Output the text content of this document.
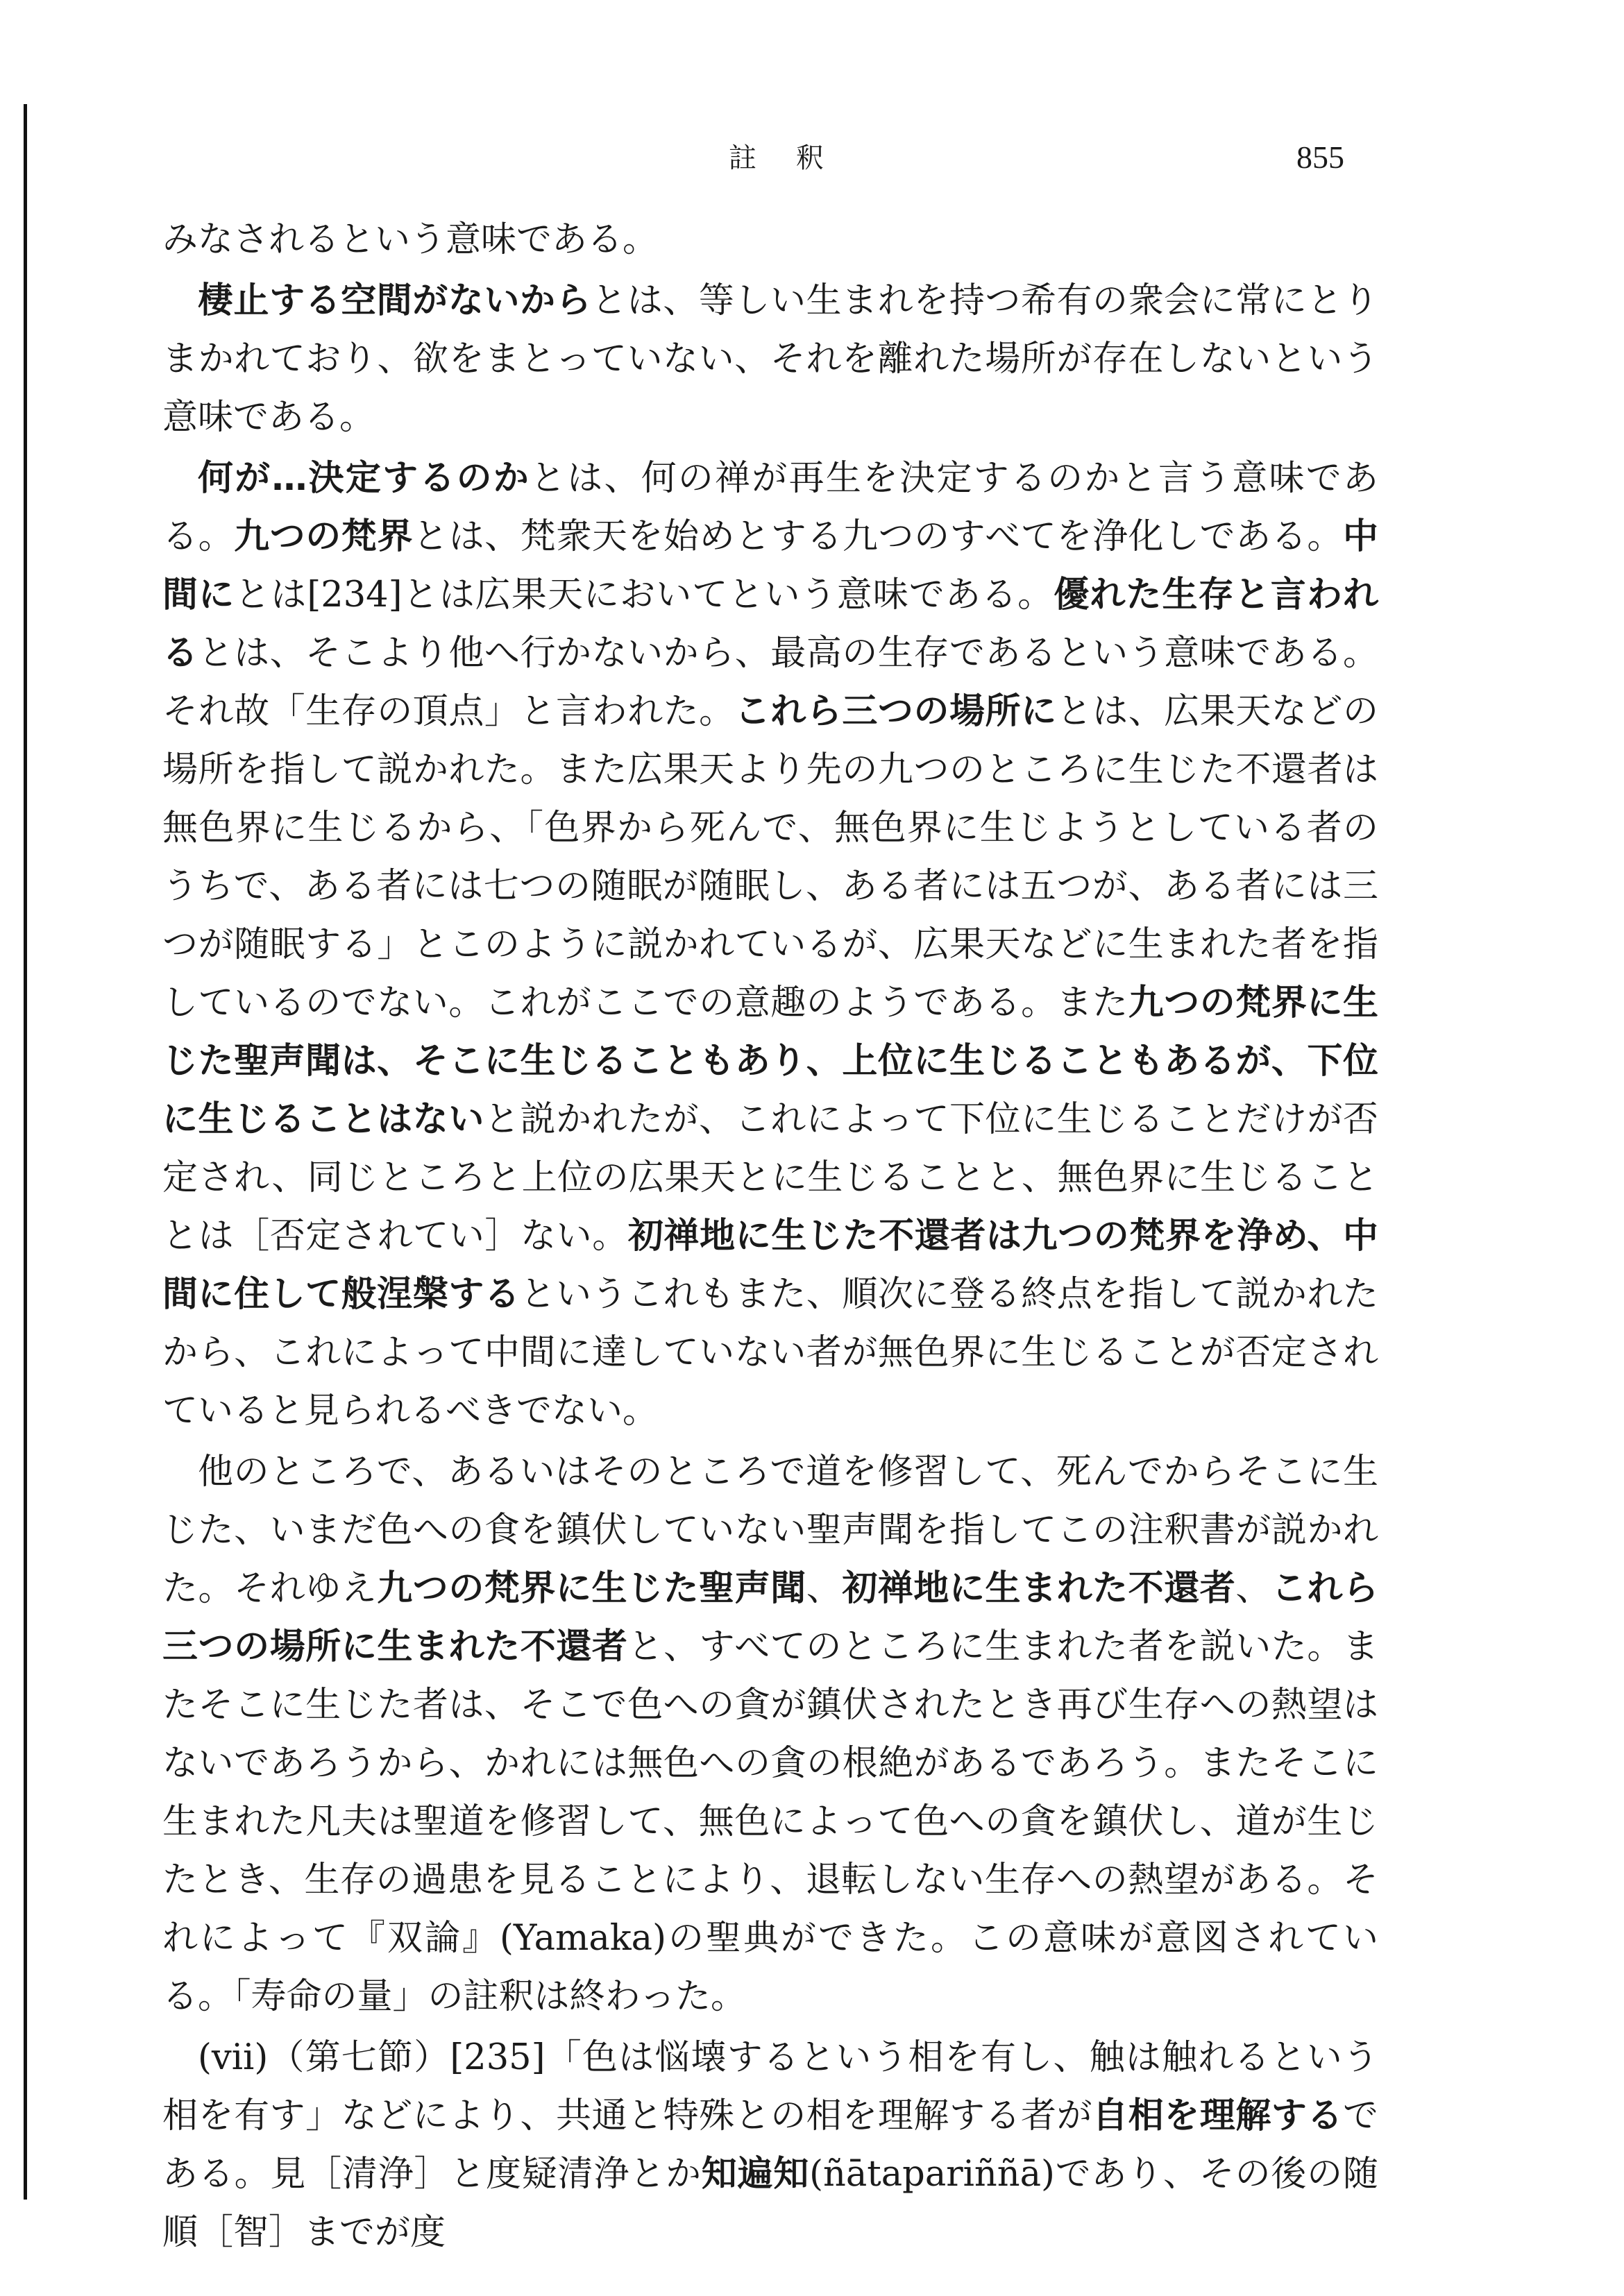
註 釈	855

みなされるという意味である。

棲止する空間がないからとは、等しい生まれを持つ希有の衆会に常にとりまかれており、欲をまとっていない、それを離れた場所が存在しないという意味である。

何が…決定するのかとは、何の禅が再生を決定するのかと言う意味である。九つの梵界とは、梵衆天を始めとする九つのすべてを浄化しである。中間にとは[234]とは広果天においてという意味である。優れた生存と言われるとは、そこより他へ行かないから、最高の生存であるという意味である。それ故「生存の頂点」と言われた。これら三つの場所にとは、広果天などの場所を指して説かれた。また広果天より先の九つのところに生じた不還者は無色界に生じるから、「色界から死んで、無色界に生じようとしている者のうちで、ある者には七つの随眠が随眠し、ある者には五つが、ある者には三つが随眠する」とこのように説かれているが、広果天などに生まれた者を指しているのでない。これがここでの意趣のようである。また九つの梵界に生じた聖声聞は、そこに生じることもあり、上位に生じることもあるが、下位に生じることはないと説かれたが、これによって下位に生じることだけが否定され、同じところと上位の広果天とに生じることと、無色界に生じることとは［否定されてい］ない。初禅地に生じた不還者は九つの梵界を浄め、中間に住して般涅槃するというこれもまた、順次に登る終点を指して説かれたから、これによって中間に達していない者が無色界に生じることが否定されていると見られるべきでない。

他のところで、あるいはそのところで道を修習して、死んでからそこに生じた、いまだ色への食を鎮伏していない聖声聞を指してこの注釈書が説かれた。それゆえ九つの梵界に生じた聖声聞、初禅地に生まれた不還者、これら三つの場所に生まれた不還者と、すべてのところに生まれた者を説いた。またそこに生じた者は、そこで色への貪が鎮伏されたとき再び生存への熱望はないであろうから、かれには無色への貪の根絶があるであろう。またそこに生まれた凡夫は聖道を修習して、無色によって色への貪を鎮伏し、道が生じたとき、生存の過患を見ることにより、退転しない生存への熱望がある。それによって『双論』(Yamaka)の聖典ができた。この意味が意図されている。「寿命の量」の註釈は終わった。

(vii)（第七節）[235]「色は悩壊するという相を有し、触は触れるという相を有す」などにより、共通と特殊との相を理解する者が自相を理解するである。見［清浄］と度疑清浄とか知遍知(ñātapariññā)であり、その後の随順［智］までが度
